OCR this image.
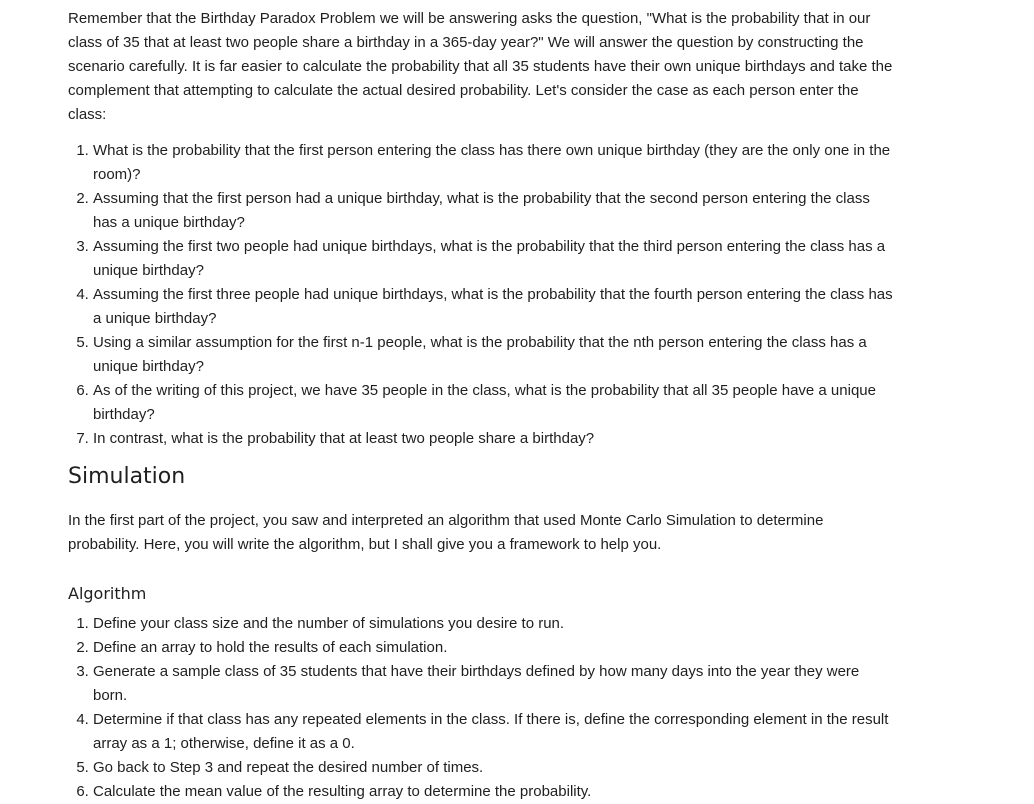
Remember that the Birthday Paradox Problem we will be answering asks the question, "What is the probability that in our class of 35 that at least two people share a birthday in a 365-day year?" We will answer the question by constructing the scenario carefully. It is far easier to calculate the probability that all 35 students have their own unique birthdays and take the complement that attempting to calculate the actual desired probability. Let's consider the case as each person enter the class:

1. What is the probability that the first person entering the class has there own unique birthday (they are the only one in the room)?
2. Assuming that the first person had a unique birthday, what is the probability that the second person entering the class has a unique birthday?
3. Assuming the first two people had unique birthdays, what is the probability that the third person entering the class has a unique birthday?
4. Assuming the first three people had unique birthdays, what is the probability that the fourth person entering the class has a unique birthday?
5. Using a similar assumption for the first n-1 people, what is the probability that the nth person entering the class has a unique birthday?
6. As of the writing of this project, we have 35 people in the class, what is the probability that all 35 people have a unique birthday?
7. In contrast, what is the probability that at least two people share a birthday?
Simulation

In the first part of the project, you saw and interpreted an algorithm that used Monte Carlo Simulation to determine probability. Here, you will write the algorithm, but I shall give you a framework to help you.

Algorithm
1. Define your class size and the number of simulations you desire to run.
2. Define an array to hold the results of each simulation.
3. Generate a sample class of 35 students that have their birthdays defined by how many days into the year they were born.
4. Determine if that class has any repeated elements in the class. If there is, define the corresponding element in the result array as a 1; otherwise, define it as a 0.
5. Go back to Step 3 and repeat the desired number of times.
6. Calculate the mean value of the resulting array to determine the probability.
